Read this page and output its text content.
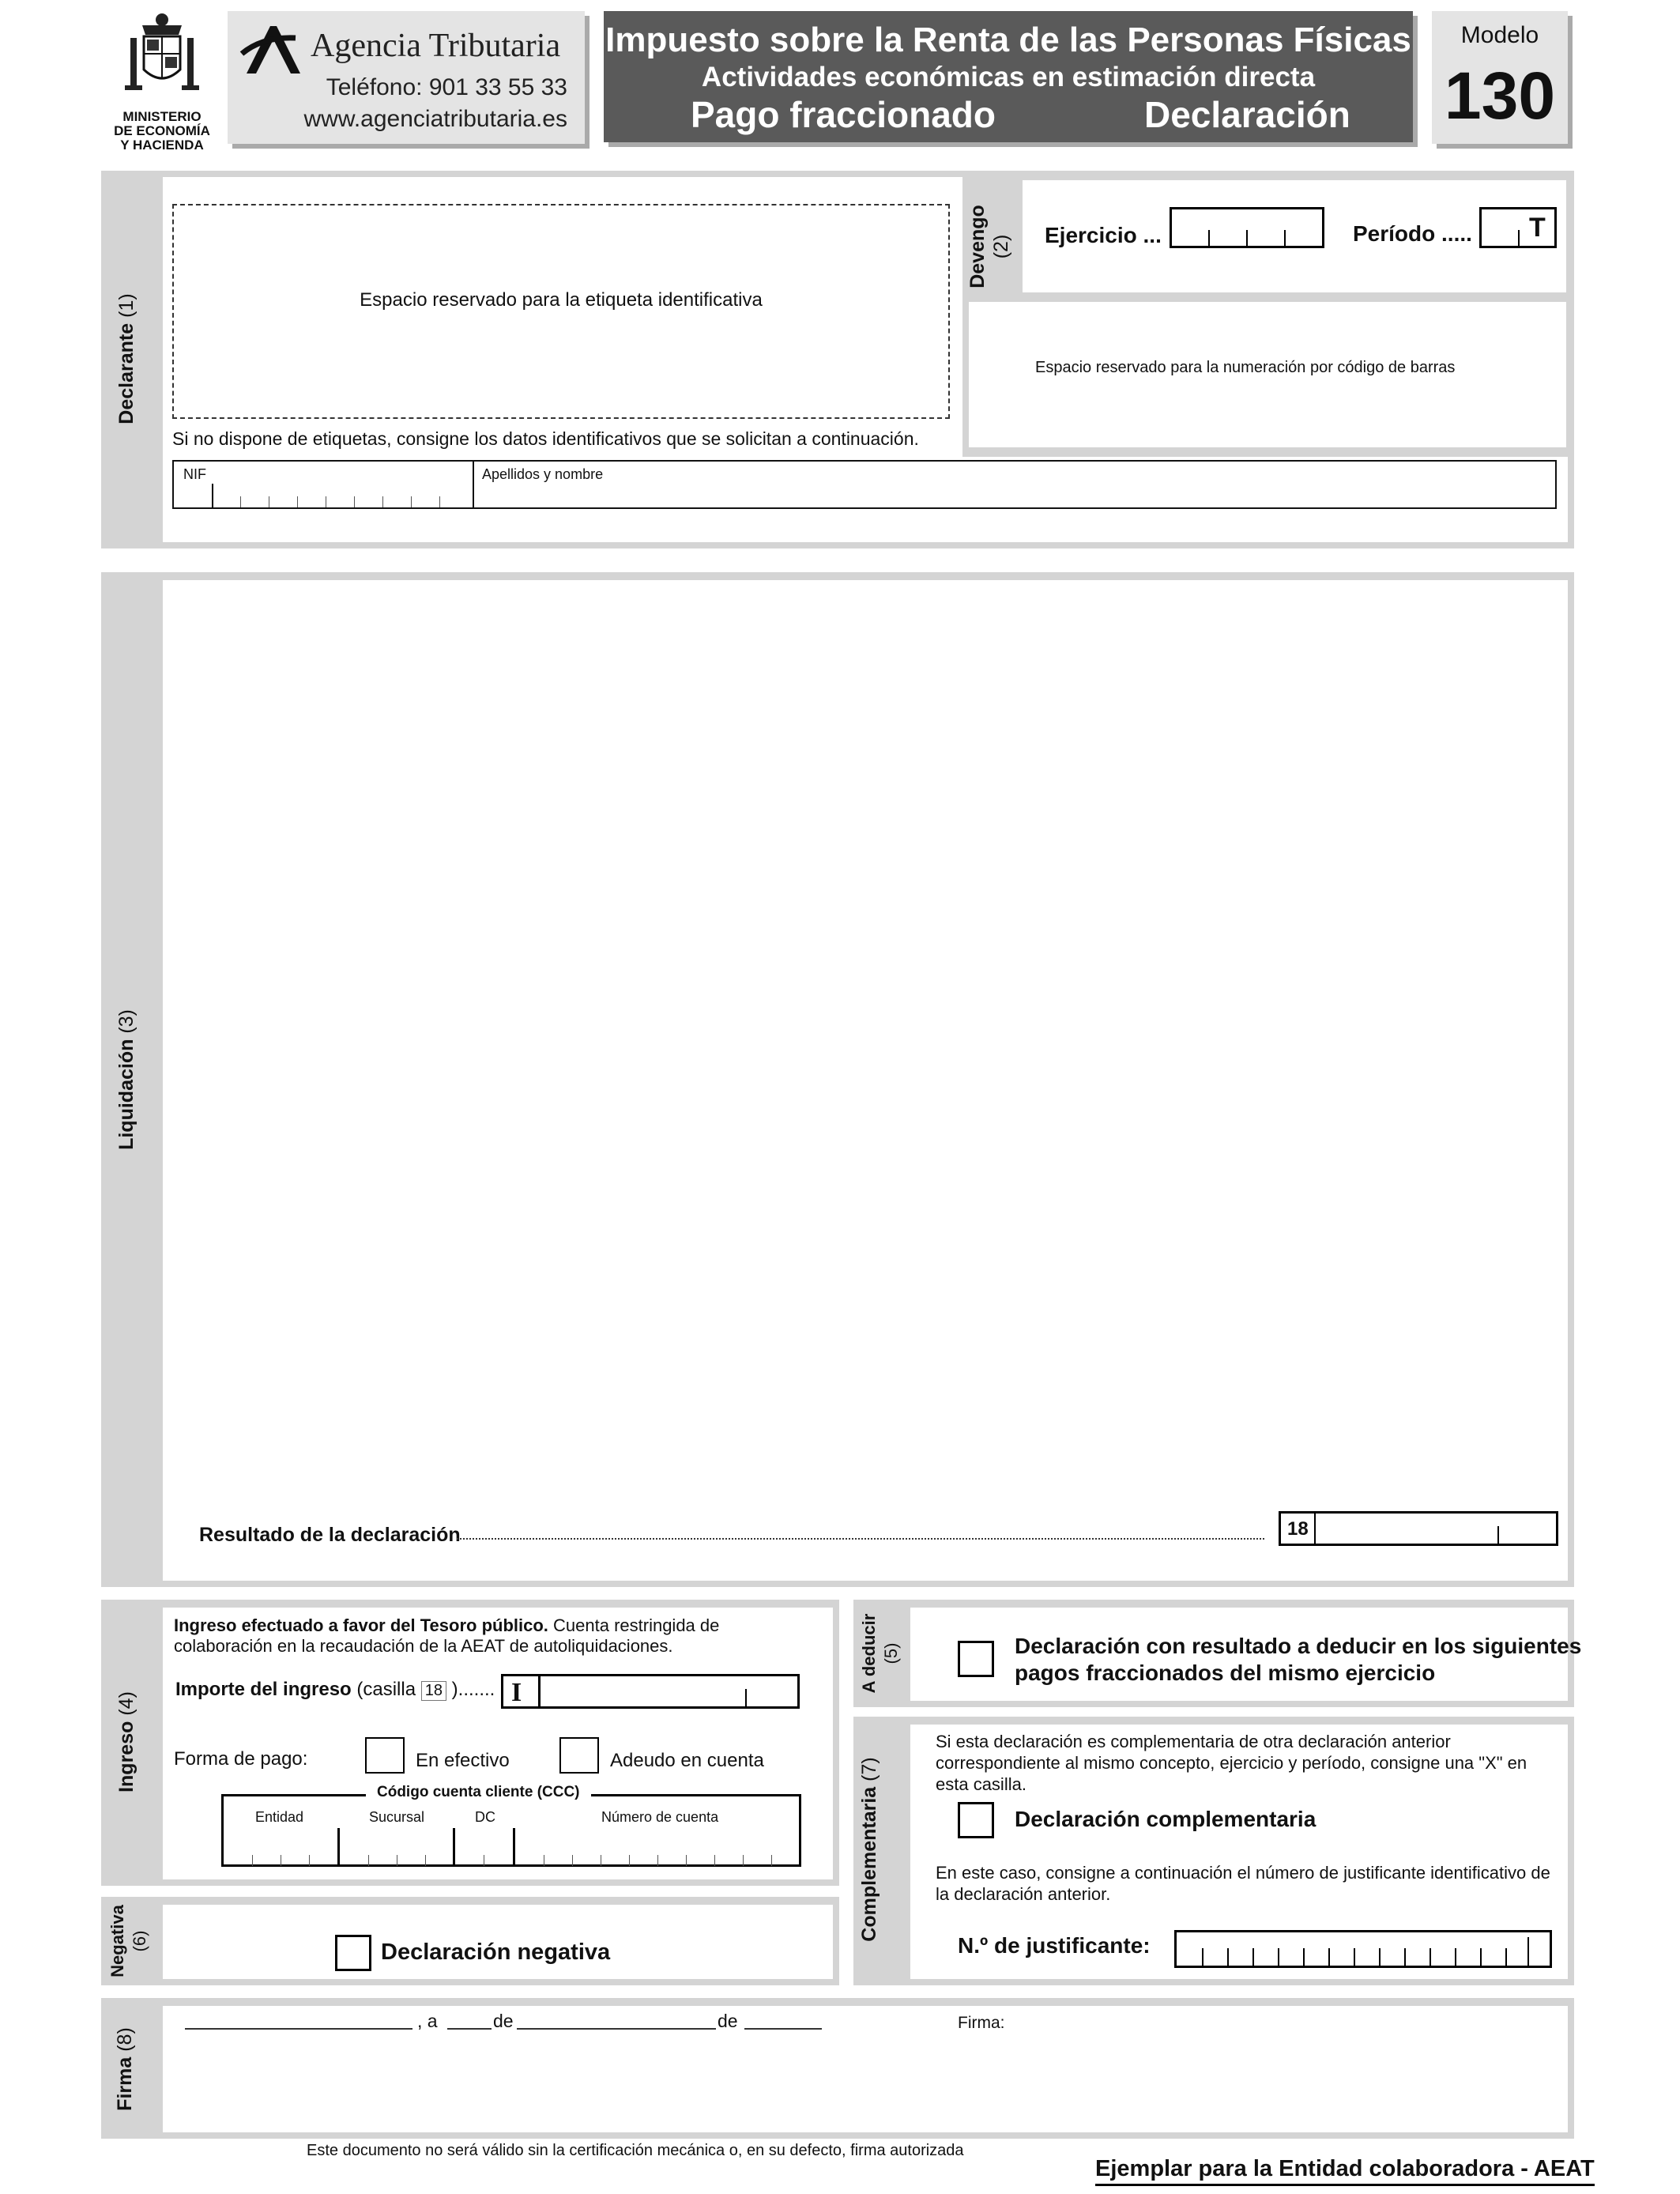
MINISTERIO
DE ECONOMÍA
Y HACIENDA
Agencia Tributaria
Teléfono: 901 33 55 33
www.agenciatributaria.es
Impuesto sobre la Renta de las Personas Físicas
Actividades económicas en estimación directa
Pago fraccionado	Declaración
Modelo
130
Declarante (1)	Espacio reservado para la etiqueta identificativa
Si no dispone de etiquetas, consigne los datos identificativos que se solicitan a continuación.
NIF	Apellidos y nombre
Devengo
(2) Ejercicio ...	Período ..... T
Espacio reservado para la numeración por código de barras
Liquidación (3)
Resultado de la declaración	18
Ingreso (4)
Ingreso efectuado a favor del Tesoro público. Cuenta restringida de colaboración en la recaudación de la AEAT de autoliquidaciones.
Importe del ingreso (casilla 18 )....... I
Forma de pago:	En efectivo	Adeudo en cuenta
Código cuenta cliente (CCC)
Entidad	Sucursal	DC	Número de cuenta
Negativa (6)	Declaración negativa
A deducir (5)	Declaración con resultado a deducir en los siguientes
pagos fraccionados del mismo ejercicio
Complementaria (7)
Si esta declaración es complementaria de otra declaración anterior correspondiente al mismo concepto, ejercicio y período, consigne una "X" en esta casilla.
Declaración complementaria
En este caso, consigne a continuación el número de justificante identificativo de la declaración anterior.
N.º de justificante:
Firma (8)
, a	de	de	Firma:
Este documento no será válido sin la certificación mecánica o, en su defecto, firma autorizada
Ejemplar para la Entidad colaboradora - AEAT
